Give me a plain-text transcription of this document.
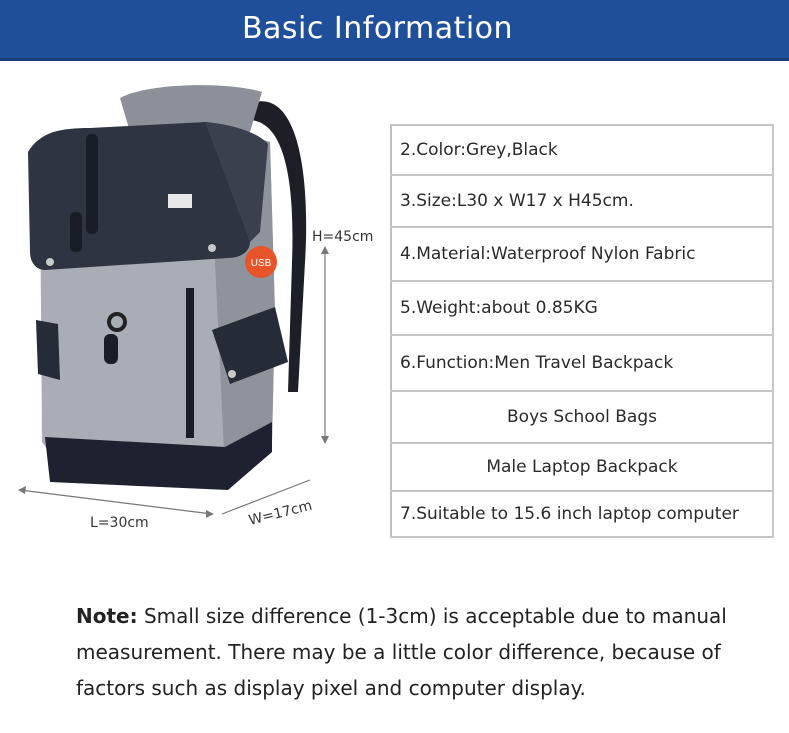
Basic Information
USB
H=45cm
L=30cm	W=17cm
2.Color:Grey,Black
3.Size:L30 x W17 x H45cm.
4.Material:Waterproof Nylon Fabric
5.Weight:about 0.85KG
6.Function:Men Travel Backpack
Boys School Bags
Male Laptop Backpack
7.Suitable to 15.6 inch laptop computer
Note: Small size difference (1-3cm) is acceptable due to manual measurement. There may be a little color difference, because of factors such as display pixel and computer display.
